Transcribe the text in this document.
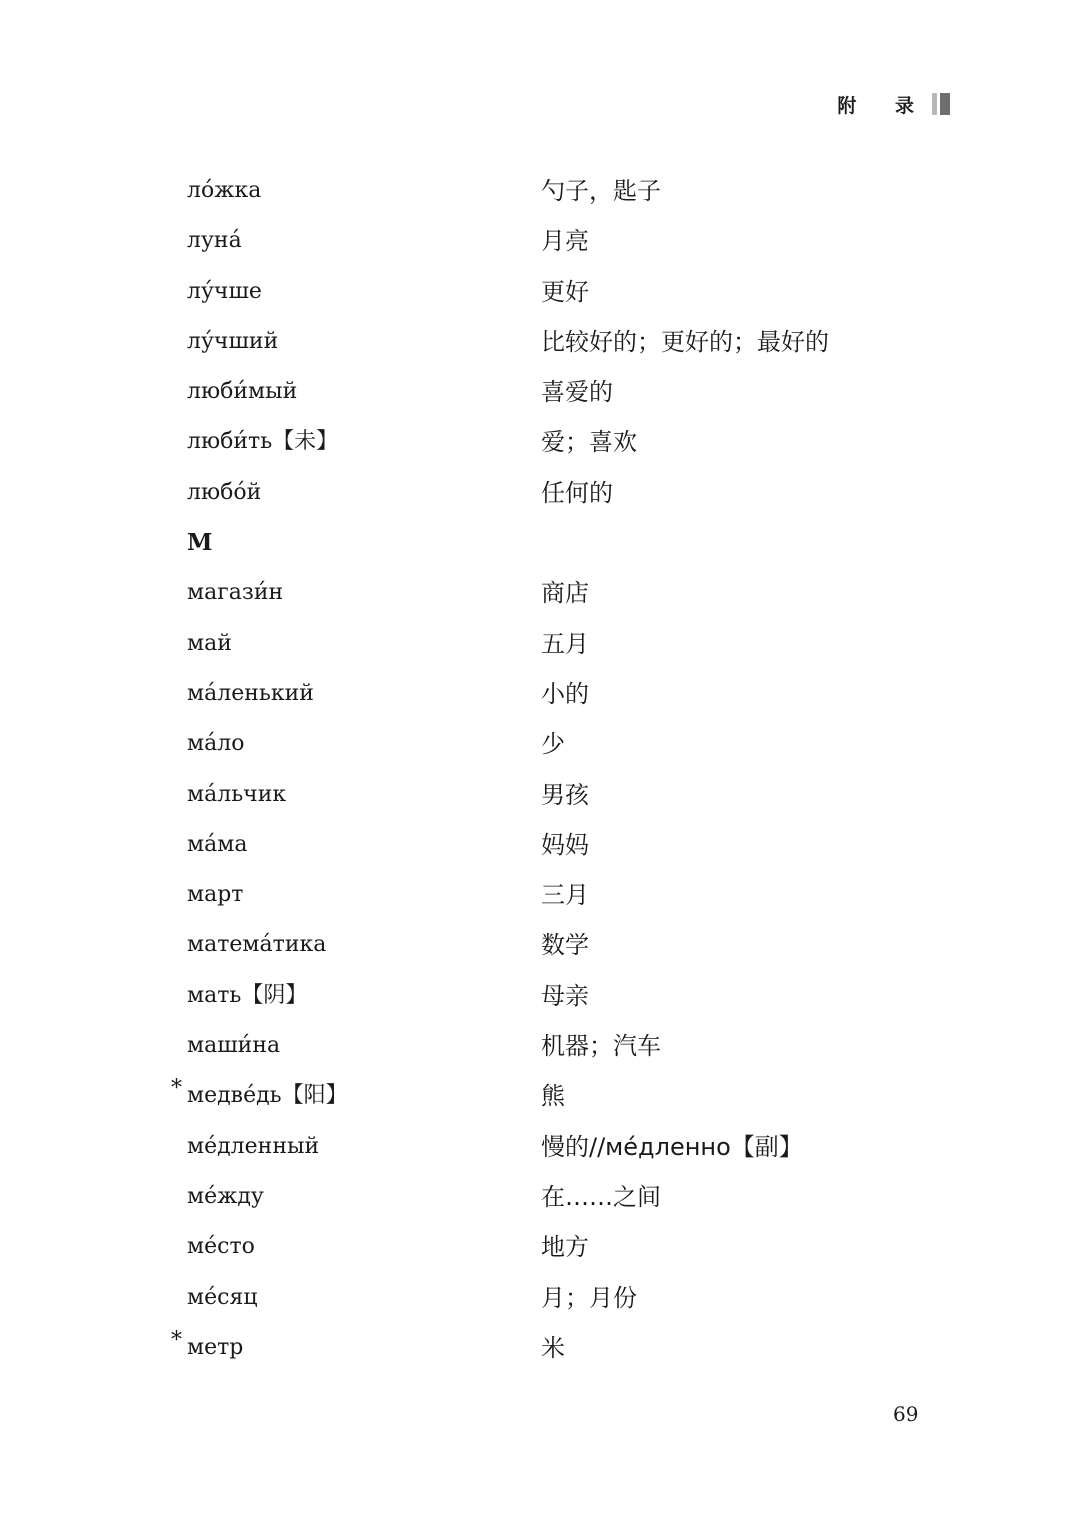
附 录
ло́жка	勺子，匙子
луна́	月亮
лу́чше	更好
лу́чший	比较好的；更好的；最好的
люби́мый	喜爱的
люби́ть【未】	爱；喜欢
любо́й	任何的
М
магази́н	商店
май	五月
ма́ленький	小的
ма́ло	少
ма́льчик	男孩
ма́ма	妈妈
март	三月
матема́тика	数学
мать【阴】	母亲
маши́на	机器；汽车
* медве́дь【阳】	熊
ме́дленный	慢的//ме́дленно【副】
ме́жду	在……之间
ме́сто	地方
ме́сяц	月；月份
* метр	米
69
